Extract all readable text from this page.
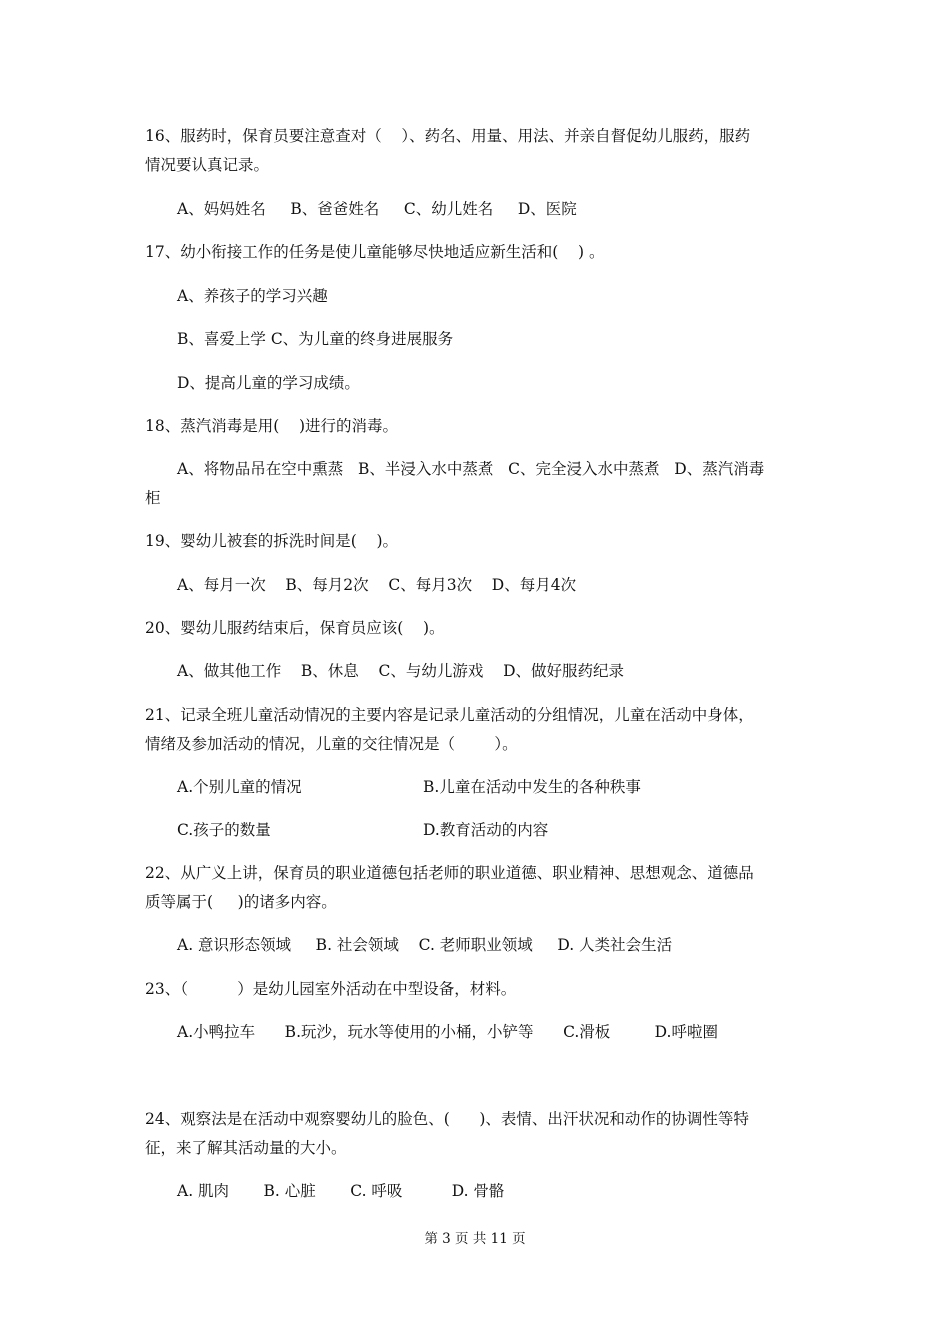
16、服药时，保育员要注意查对（    ）、药名、用量、用法、并亲自督促幼儿服药，服药
情况要认真记录。
A、妈妈姓名     B、爸爸姓名     C、幼儿姓名     D、医院
17、幼小衔接工作的任务是使儿童能够尽快地适应新生活和(    ) 。
A、养孩子的学习兴趣
B、喜爱上学 C、为儿童的终身进展服务
D、提高儿童的学习成绩。
18、蒸汽消毒是用(    )进行的消毒。
A、将物品吊在空中熏蒸   B、半浸入水中蒸煮   C、完全浸入水中蒸煮   D、蒸汽消毒
柜
19、婴幼儿被套的拆洗时间是(    )。
A、每月一次    B、每月2次    C、每月3次    D、每月4次
20、婴幼儿服药结束后，保育员应该(    )。
A、做其他工作    B、休息    C、与幼儿游戏    D、做好服药纪录
21、记录全班儿童活动情况的主要内容是记录儿童活动的分组情况，儿童在活动中身体，
情绪及参加活动的情况，儿童的交往情况是（        ）。
A.个别儿童的情况	B.儿童在活动中发生的各种秩事
C.孩子的数量	D.教育活动的内容
22、从广义上讲，保育员的职业道德包括老师的职业道德、职业精神、思想观念、道德品
质等属于(     )的诸多内容。
A. 意识形态领域     B. 社会领域    C. 老师职业领域     D. 人类社会生活
23、（          ）是幼儿园室外活动在中型设备，材料。
A.小鸭拉车      B.玩沙，玩水等使用的小桶，小铲等      C.滑板         D.呼啦圈
24、观察法是在活动中观察婴幼儿的脸色、(      )、表情、出汗状况和动作的协调性等特
征，来了解其活动量的大小。
A. 肌肉       B. 心脏       C. 呼吸          D. 骨骼
第 3 页 共 11 页
